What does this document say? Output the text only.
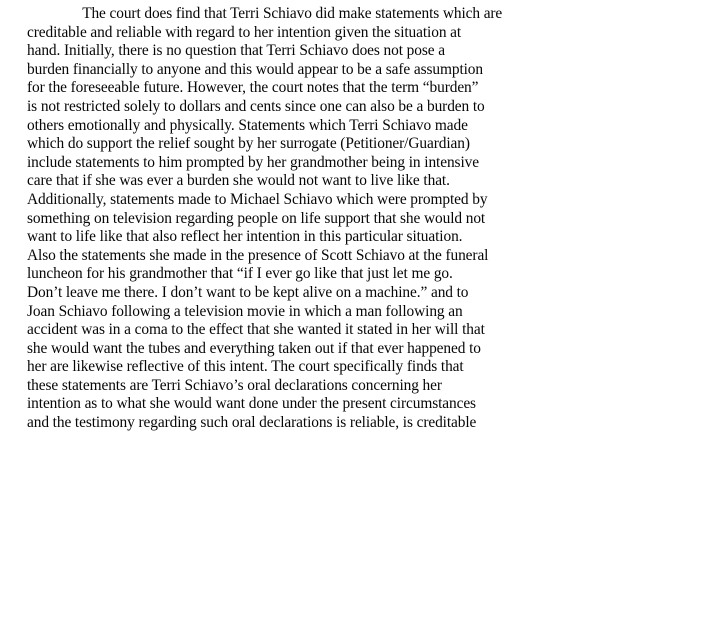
The court does find that Terri Schiavo did make statements which are
creditable and reliable with regard to her intention given the situation at
hand. Initially, there is no question that Terri Schiavo does not pose a
burden financially to anyone and this would appear to be a safe assumption
for the foreseeable future. However, the court notes that the term “burden”
is not restricted solely to dollars and cents since one can also be a burden to
others emotionally and physically. Statements which Terri Schiavo made
which do support the relief sought by her surrogate (Petitioner/Guardian)
include statements to him prompted by her grandmother being in intensive
care that if she was ever a burden she would not want to live like that.
Additionally, statements made to Michael Schiavo which were prompted by
something on television regarding people on life support that she would not
want to life like that also reflect her intention in this particular situation.
Also the statements she made in the presence of Scott Schiavo at the funeral
luncheon for his grandmother that “if I ever go like that just let me go.
Don’t leave me there. I don’t want to be kept alive on a machine.” and to
Joan Schiavo following a television movie in which a man following an
accident was in a coma to the effect that she wanted it stated in her will that
she would want the tubes and everything taken out if that ever happened to
her are likewise reflective of this intent. The court specifically finds that
these statements are Terri Schiavo’s oral declarations concerning her
intention as to what she would want done under the present circumstances
and the testimony regarding such oral declarations is reliable, is creditable
